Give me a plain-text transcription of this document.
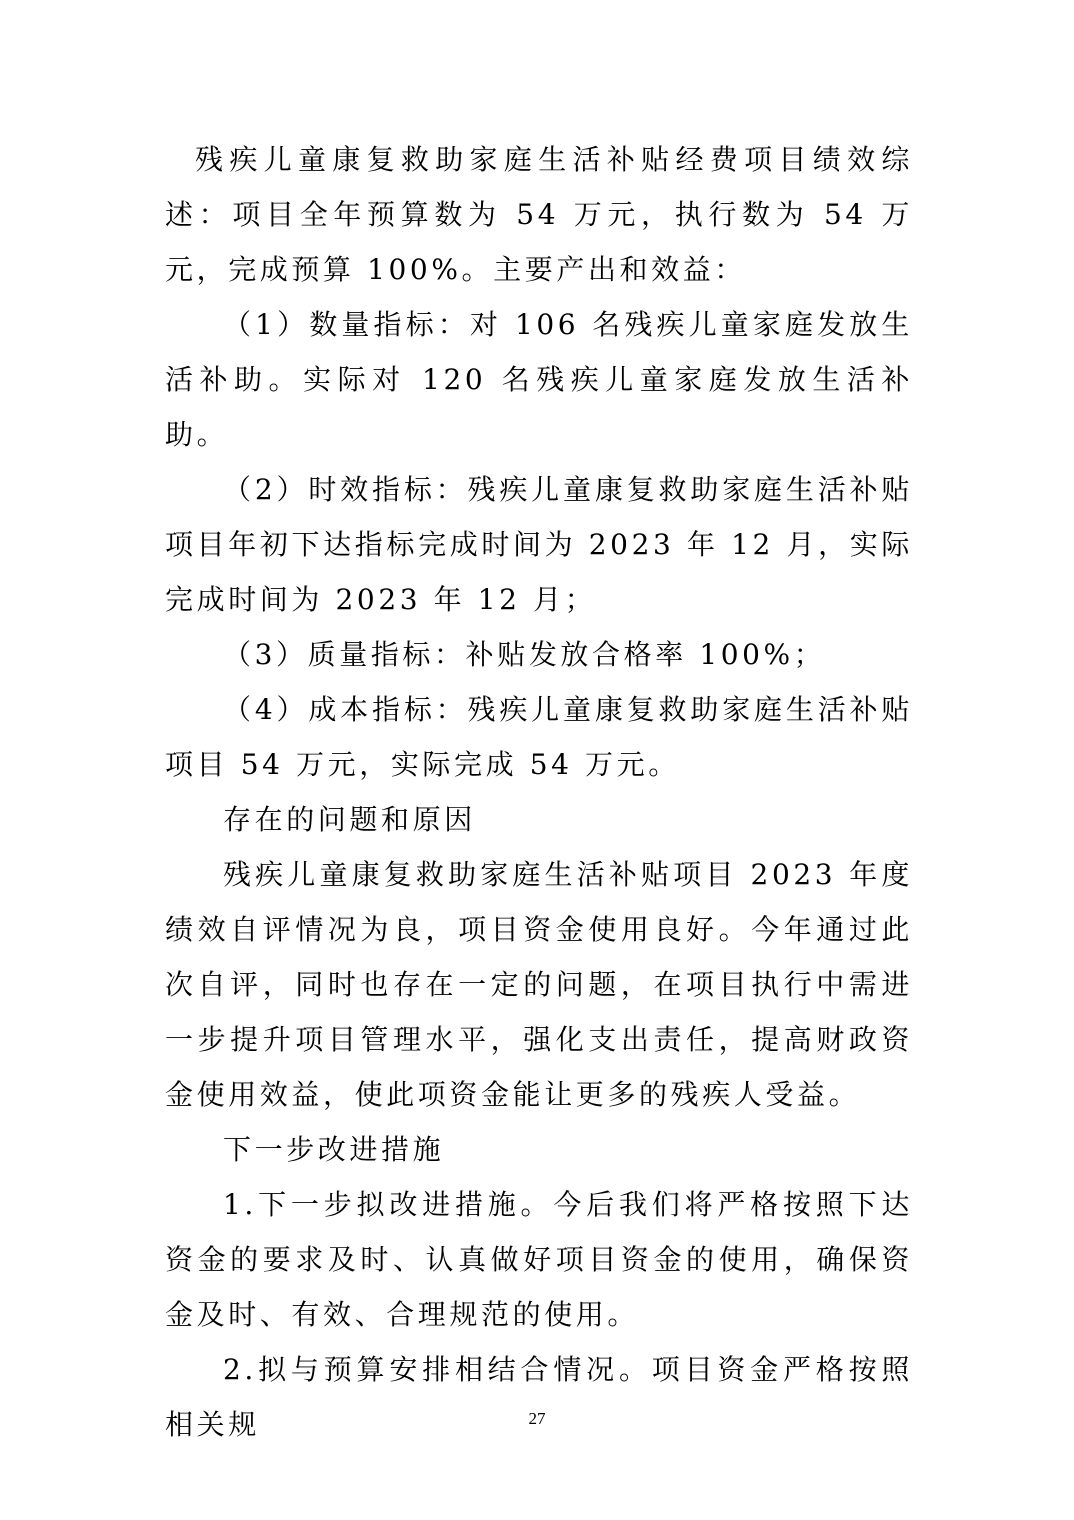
残疾儿童康复救助家庭生活补贴经费项目绩效综述：项目全年预算数为 54 万元，执行数为 54 万元，完成预算 100%。主要产出和效益：

（1）数量指标：对 106 名残疾儿童家庭发放生活补助。实际对 120 名残疾儿童家庭发放生活补助。

（2）时效指标：残疾儿童康复救助家庭生活补贴项目年初下达指标完成时间为 2023 年 12 月，实际完成时间为 2023 年 12 月；

（3）质量指标：补贴发放合格率 100%；

（4）成本指标：残疾儿童康复救助家庭生活补贴项目 54 万元，实际完成 54 万元。

存在的问题和原因

残疾儿童康复救助家庭生活补贴项目 2023 年度绩效自评情况为良，项目资金使用良好。今年通过此次自评，同时也存在一定的问题，在项目执行中需进一步提升项目管理水平，强化支出责任，提高财政资金使用效益，使此项资金能让更多的残疾人受益。

下一步改进措施

1.下一步拟改进措施。今后我们将严格按照下达资金的要求及时、认真做好项目资金的使用，确保资金及时、有效、合理规范的使用。

2.拟与预算安排相结合情况。项目资金严格按照相关规	27
